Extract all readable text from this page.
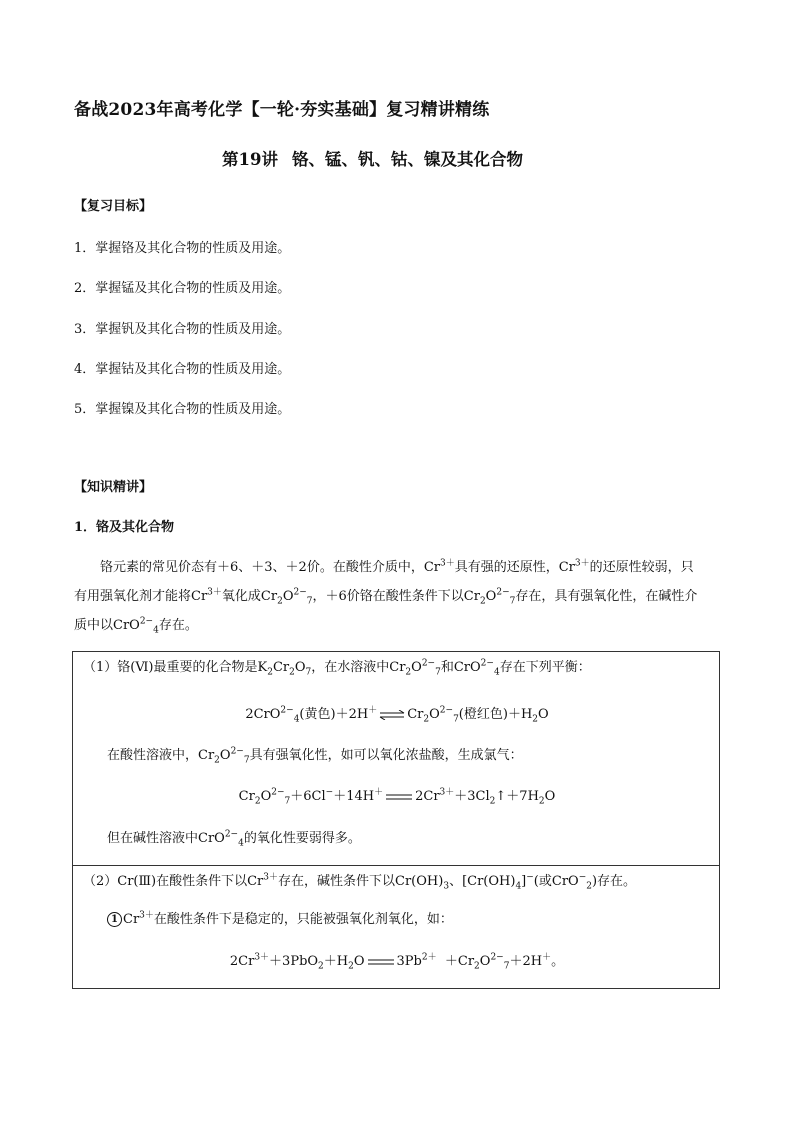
备战2023年高考化学【一轮·夯实基础】复习精讲精练
第19讲 铬、锰、钒、钴、镍及其化合物
【复习目标】
1．掌握铬及其化合物的性质及用途。
2．掌握锰及其化合物的性质及用途。
3．掌握钒及其化合物的性质及用途。
4．掌握钴及其化合物的性质及用途。
5．掌握镍及其化合物的性质及用途。
【知识精讲】
1．铬及其化合物
铬元素的常见价态有＋6、＋3、＋2价。在酸性介质中，$Cr^{3+}$具有强的还原性，$Cr^{3+}$的还原性较弱，只
有用强氧化剂才能将$Cr^{3+}$氧化成$Cr_2O^{2-}_7$，＋6价铬在酸性条件下以$Cr_2O^{2-}_7$存在，具有强氧化性，在碱性介
质中以CrO$^{2-}_4$存在。
（1）铬(Ⅵ)最重要的化合物是$K_2Cr_2O_7$，在水溶液中$Cr_2O^{2-}_7$和CrO$^{2-}_4$存在下列平衡：
2CrO$^{2-}_4$(黄色)＋2H＋ ⇌ $Cr_2O^{2-}_7$(橙红色)$+H_2O$
在酸性溶液中，$Cr_2O^{2-}_7$具有强氧化性，如可以氧化浓盐酸，生成氯气：
$Cr_2O^{2-}_7+6Cl^-+14H^+$ $2Cr^{3+}+3Cl_2↑+7H_2O$
但在碱性溶液中CrO$^{2-}_4$的氧化性要弱得多。
（2）Cr(Ⅲ)在酸性条件下以$Cr^{3+}$存在，碱性条件下以$Cr(OH)_3$、$[Cr(OH)_4]^-$(或CrO−$_2$)存在。
1 $Cr^{3+}$在酸性条件下是稳定的，只能被强氧化剂氧化，如：
$2Cr^{3+}+3PbO_2+H_2O$ $3Pb^{2+} +Cr_2O^{2-}_7+2H^+$。
